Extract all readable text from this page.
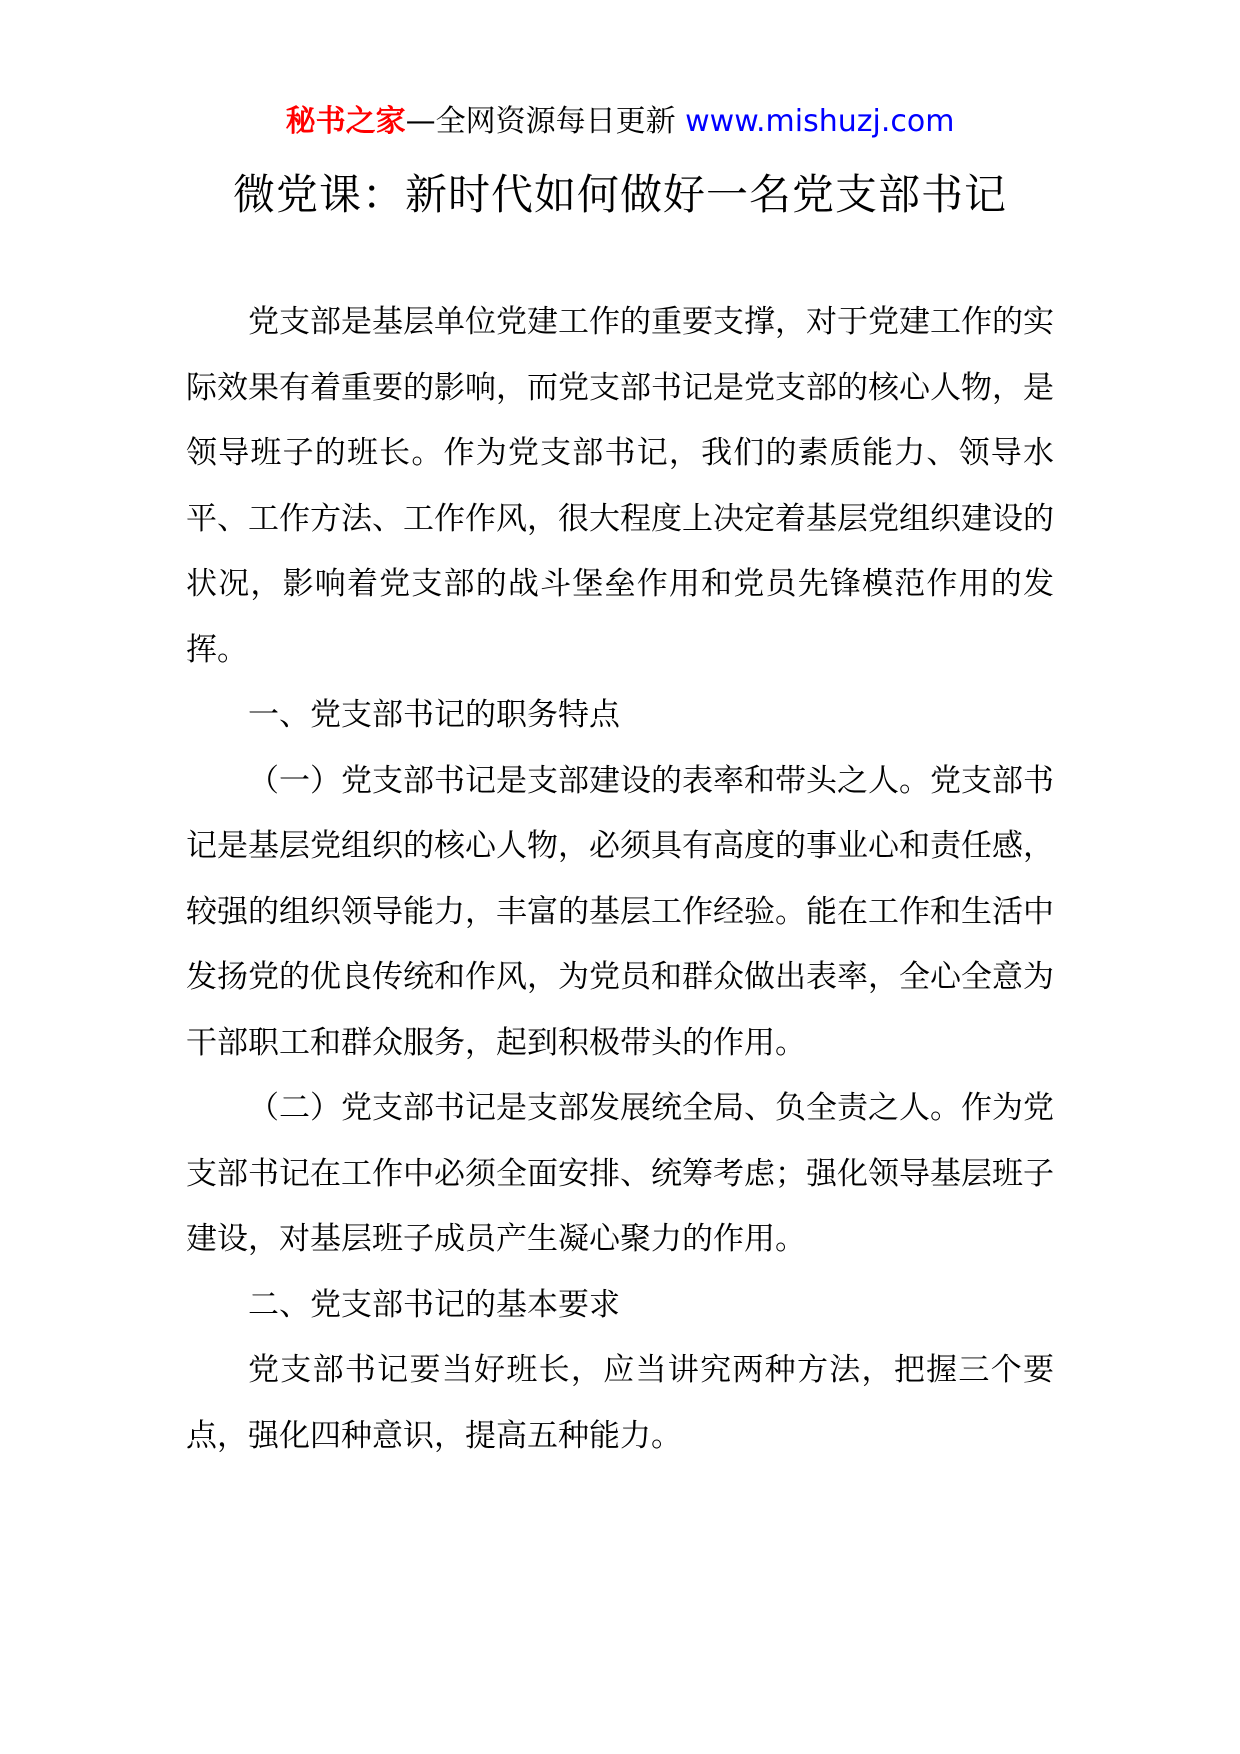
秘书之家—全网资源每日更新 www.mishuzj.com
微党课：新时代如何做好一名党支部书记

党支部是基层单位党建工作的重要支撑，对于党建工作的实际效果有着重要的影响，而党支部书记是党支部的核心人物，是领导班子的班长。作为党支部书记，我们的素质能力、领导水平、工作方法、工作作风，很大程度上决定着基层党组织建设的状况，影响着党支部的战斗堡垒作用和党员先锋模范作用的发挥。

一、党支部书记的职务特点

（一）党支部书记是支部建设的表率和带头之人。党支部书记是基层党组织的核心人物，必须具有高度的事业心和责任感，较强的组织领导能力，丰富的基层工作经验。能在工作和生活中发扬党的优良传统和作风，为党员和群众做出表率，全心全意为干部职工和群众服务，起到积极带头的作用。

（二）党支部书记是支部发展统全局、负全责之人。作为党支部书记在工作中必须全面安排、统筹考虑；强化领导基层班子建设，对基层班子成员产生凝心聚力的作用。

二、党支部书记的基本要求

党支部书记要当好班长，应当讲究两种方法，把握三个要点，强化四种意识，提高五种能力。
